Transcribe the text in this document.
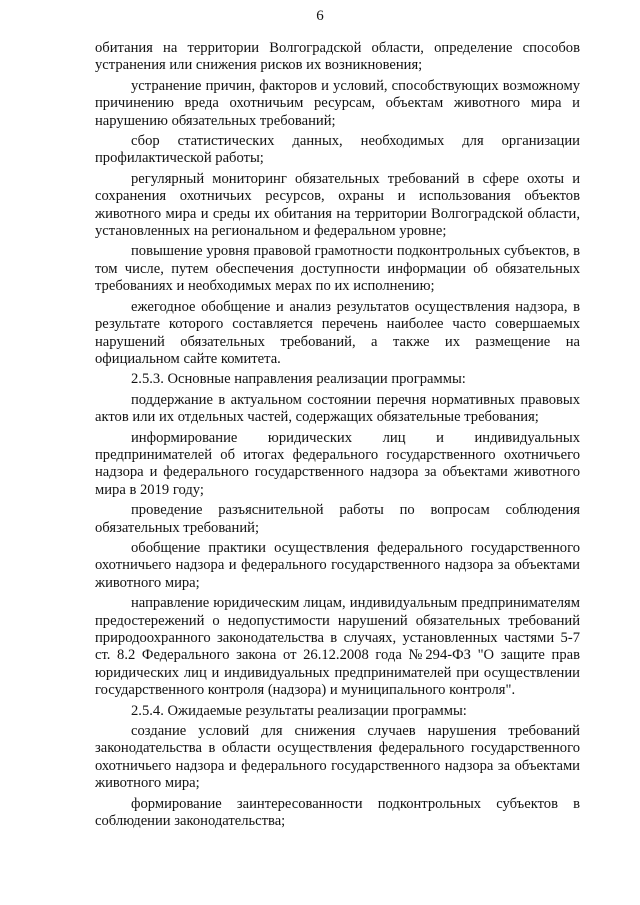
6

обитания на территории Волгоградской области, определение способов устранения или снижения рисков их возникновения;

устранение причин, факторов и условий, способствующих возможному причинению вреда охотничьим ресурсам, объектам животного мира и нарушению обязательных требований;

сбор статистических данных, необходимых для организации профилактической работы;

регулярный мониторинг обязательных требований в сфере охоты и сохранения охотничьих ресурсов, охраны и использования объектов животного мира и среды их обитания на территории Волгоградской области, установленных на региональном и федеральном уровне;

повышение уровня правовой грамотности подконтрольных субъектов, в том числе, путем обеспечения доступности информации об обязательных требованиях и необходимых мерах по их исполнению;

ежегодное обобщение и анализ результатов осуществления надзора, в результате которого составляется перечень наиболее часто совершаемых нарушений обязательных требований, а также их размещение на официальном сайте комитета.

2.5.3. Основные направления реализации программы:

поддержание в актуальном состоянии перечня нормативных правовых актов или их отдельных частей, содержащих обязательные требования;

информирование юридических лиц и индивидуальных предпринимателей об итогах федерального государственного охотничьего надзора и федерального государственного надзора за объектами животного мира в 2019 году;

проведение разъяснительной работы по вопросам соблюдения обязательных требований;

обобщение практики осуществления федерального государственного охотничьего надзора и федерального государственного надзора за объектами животного мира;

направление юридическим лицам, индивидуальным предпринимателям предостережений о недопустимости нарушений обязательных требований природоохранного законодательства в случаях, установленных частями 5-7 ст. 8.2 Федерального закона от 26.12.2008 года №294-ФЗ "О защите прав юридических лиц и индивидуальных предпринимателей при осуществлении государственного контроля (надзора) и муниципального контроля".

2.5.4. Ожидаемые результаты реализации программы:

создание условий для снижения случаев нарушения требований законодательства в области осуществления федерального государственного охотничьего надзора и федерального государственного надзора за объектами животного мира;

формирование заинтересованности подконтрольных субъектов в соблюдении законодательства;
